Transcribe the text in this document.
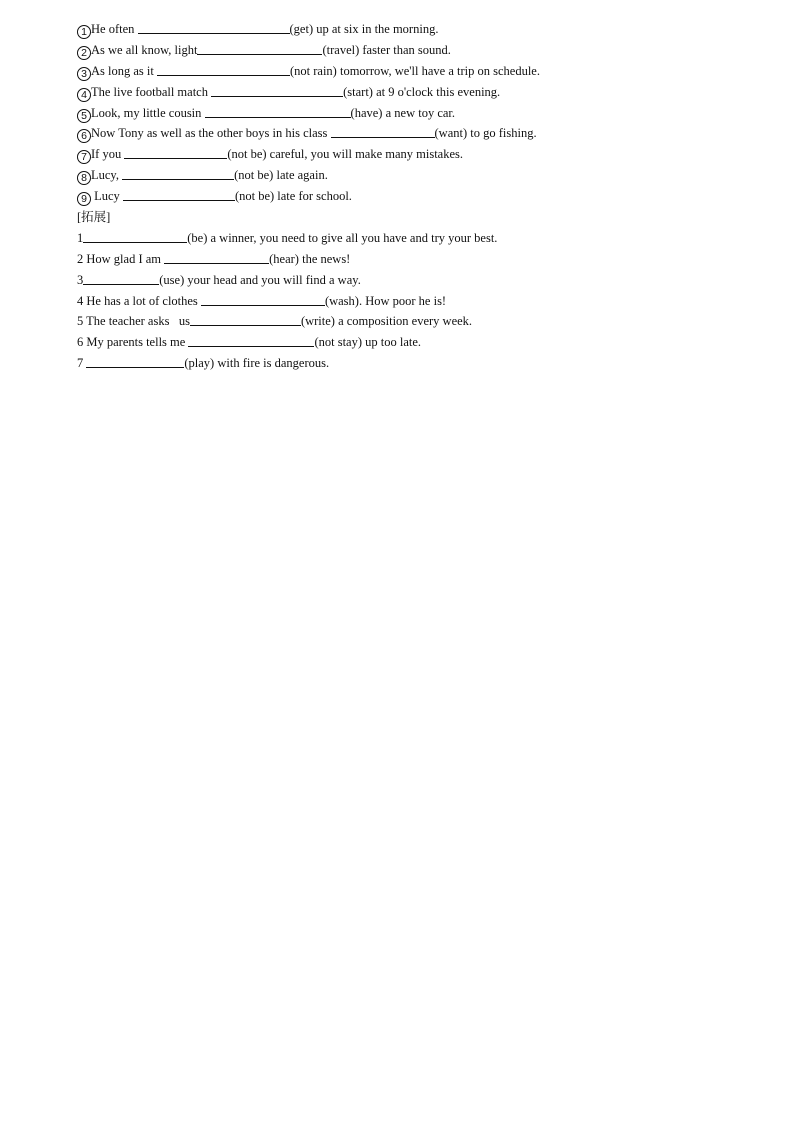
1 He often	(get) up at six in the morning.
2 As we all know, light	(travel) faster than sound.
3 As long as it	(not rain) tomorrow, we'll have a trip on schedule.
4 The live football match	(start) at 9 o'clock this evening.
5 Look, my little cousin	(have) a new toy car.
6 Now Tony as well as the other boys in his class	(want) to go fishing.
7 If you	(not be) careful, you will make many mistakes.
8 Lucy,	(not be) late again.
9 Lucy	(not be) late for school.
[拓展]
1	(be) a winner, you need to give all you have and try your best.
2 How glad I am	(hear) the news!
3	(use) your head and you will find a way.
4 He has a lot of clothes	(wash). How poor he is!
5 The teacher asks   us	(write) a composition every week.
6 My parents tells me	(not stay) up too late.
7	(play) with fire is dangerous.
